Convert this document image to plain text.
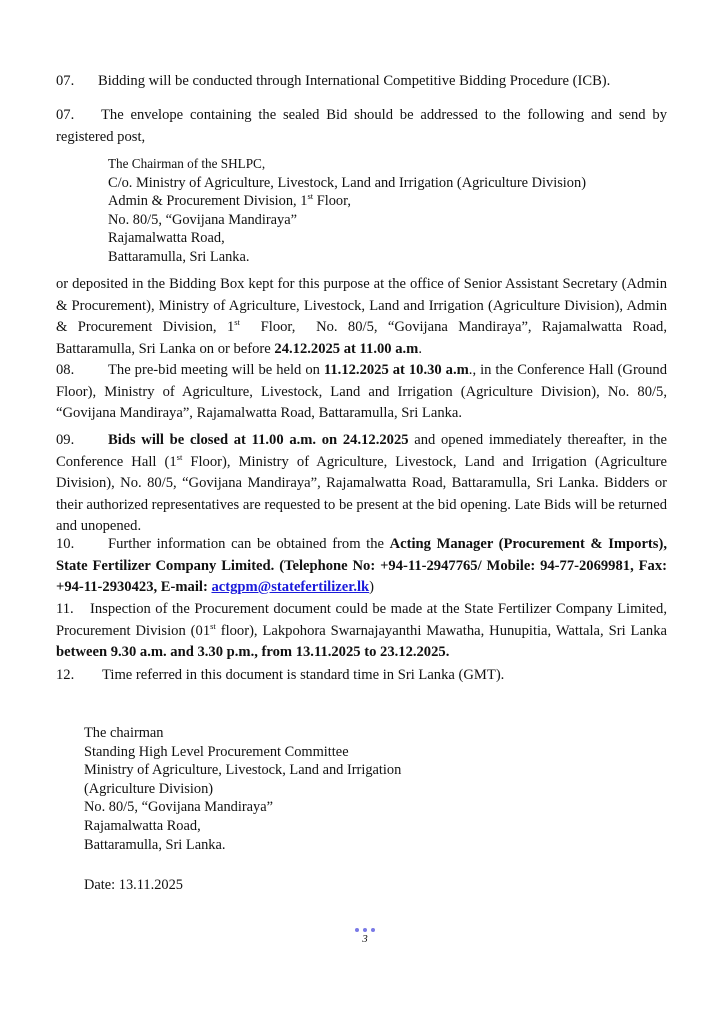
07. Bidding will be conducted through International Competitive Bidding Procedure (ICB).

07. The envelope containing the sealed Bid should be addressed to the following and send by registered post,

The Chairman of the SHLPC,
C/o. Ministry of Agriculture, Livestock, Land and Irrigation (Agriculture Division)
Admin & Procurement Division, 1st Floor,
No. 80/5, “Govijana Mandiraya”
Rajamalwatta Road,
Battaramulla, Sri Lanka.

or deposited in the Bidding Box kept for this purpose at the office of Senior Assistant Secretary (Admin & Procurement), Ministry of Agriculture, Livestock, Land and Irrigation (Agriculture Division), Admin & Procurement Division, 1st  Floor,  No. 80/5, “Govijana Mandiraya”, Rajamalwatta Road, Battaramulla, Sri Lanka on or before 24.12.2025 at 11.00 a.m.

08. The pre-bid meeting will be held on 11.12.2025 at 10.30 a.m., in the Conference Hall (Ground Floor), Ministry of Agriculture, Livestock, Land and Irrigation (Agriculture Division), No. 80/5, “Govijana Mandiraya”, Rajamalwatta Road, Battaramulla, Sri Lanka.

09. Bids will be closed at 11.00 a.m. on 24.12.2025 and opened immediately thereafter, in the Conference Hall (1st Floor), Ministry of Agriculture, Livestock, Land and Irrigation (Agriculture Division), No. 80/5, “Govijana Mandiraya”, Rajamalwatta Road, Battaramulla, Sri Lanka. Bidders or their authorized representatives are requested to be present at the bid opening. Late Bids will be returned and unopened.

10. Further information can be obtained from the Acting Manager (Procurement & Imports), State Fertilizer Company Limited. (Telephone No: +94-11-2947765/ Mobile: 94-77-2069981, Fax: +94-11-2930423, E-mail: actgpm@statefertilizer.lk)

11. Inspection of the Procurement document could be made at the State Fertilizer Company Limited, Procurement Division (01st floor), Lakpohora Swarnajayanthi Mawatha, Hunupitia, Wattala, Sri Lanka between 9.30 a.m. and 3.30 p.m., from 13.11.2025 to 23.12.2025.

12. Time referred in this document is standard time in Sri Lanka (GMT).

The chairman
Standing High Level Procurement Committee
Ministry of Agriculture, Livestock, Land and Irrigation
(Agriculture Division)
No. 80/5, “Govijana Mandiraya”
Rajamalwatta Road,
Battaramulla, Sri Lanka.
Date: 13.11.2025
3
